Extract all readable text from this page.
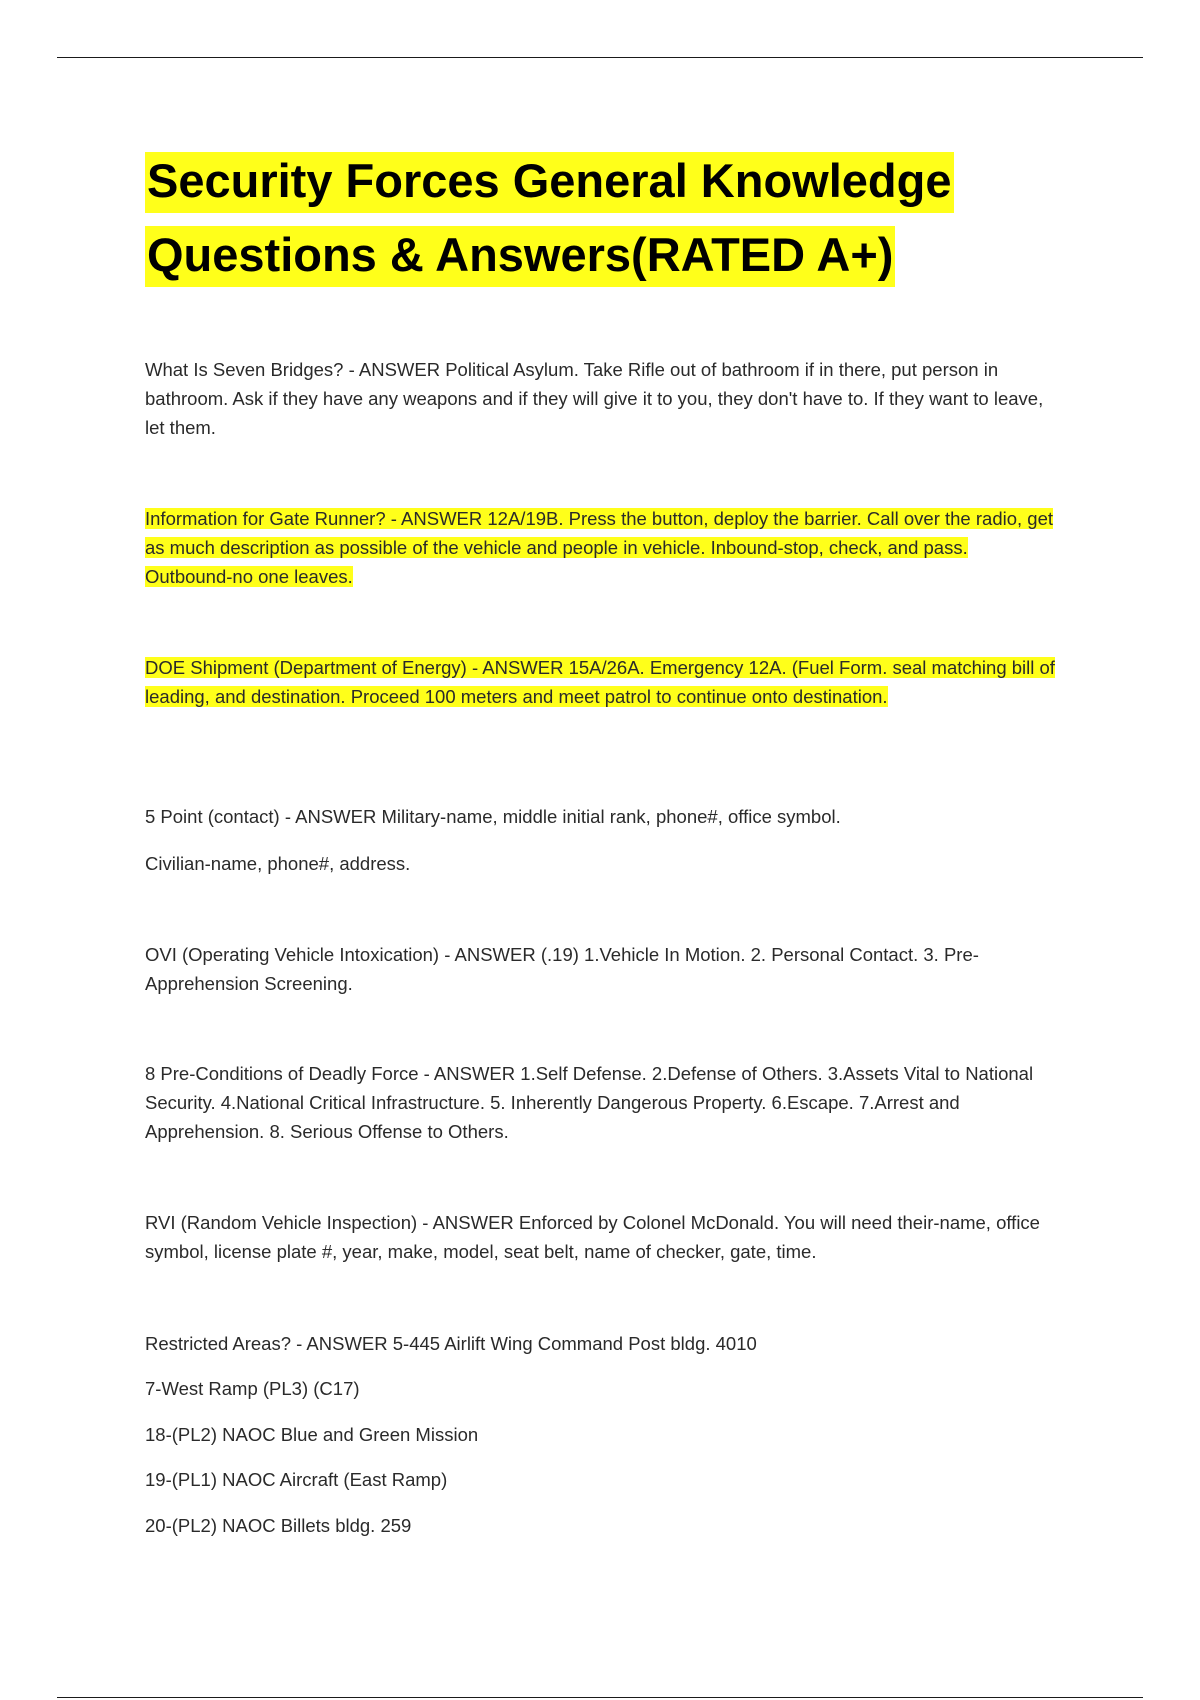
Security Forces General Knowledge
Questions & Answers(RATED A+)

What Is Seven Bridges? - ANSWER Political Asylum. Take Rifle out of bathroom if in there, put person in bathroom. Ask if they have any weapons and if they will give it to you, they don't have to. If they want to leave, let them.

Information for Gate Runner? - ANSWER 12A/19B. Press the button, deploy the barrier. Call over the radio, get as much description as possible of the vehicle and people in vehicle. Inbound-stop, check, and pass. Outbound-no one leaves.

DOE Shipment (Department of Energy) - ANSWER 15A/26A. Emergency 12A. (Fuel Form. seal matching bill of leading, and destination. Proceed 100 meters and meet patrol to continue onto destination.

5 Point (contact) - ANSWER Military-name, middle initial rank, phone#, office symbol.

Civilian-name, phone#, address.

OVI (Operating Vehicle Intoxication) - ANSWER (.19) 1.Vehicle In Motion. 2. Personal Contact. 3. Pre-Apprehension Screening.

8 Pre-Conditions of Deadly Force - ANSWER 1.Self Defense. 2.Defense of Others. 3.Assets Vital to National Security. 4.National Critical Infrastructure. 5. Inherently Dangerous Property. 6.Escape. 7.Arrest and Apprehension. 8. Serious Offense to Others.

RVI (Random Vehicle Inspection) - ANSWER Enforced by Colonel McDonald. You will need their-name, office symbol, license plate #, year, make, model, seat belt, name of checker, gate, time.

Restricted Areas? - ANSWER 5-445 Airlift Wing Command Post bldg. 4010

7-West Ramp (PL3) (C17)

18-(PL2) NAOC Blue and Green Mission

19-(PL1) NAOC Aircraft (East Ramp)

20-(PL2) NAOC Billets bldg. 259
